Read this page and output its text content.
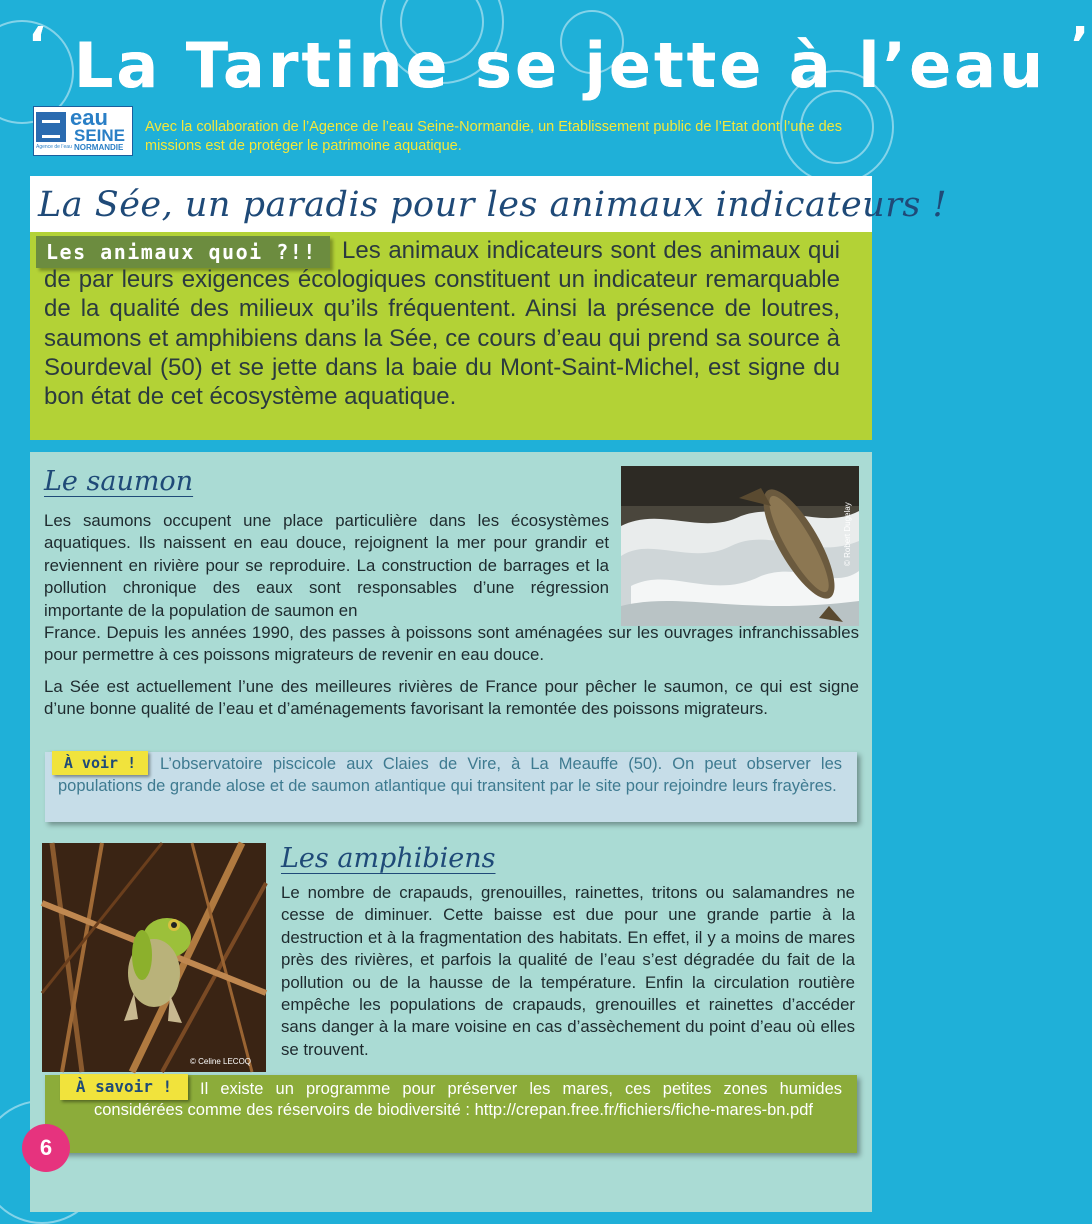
‘ La Tartine se jette à l’eau ’
eau
SEINE
NORMANDIE
Agence de l’eau
Avec la collaboration de l’Agence de l’eau Seine-Normandie, un Etablissement public de l’Etat dont l’une des missions est de protéger le patrimoine aquatique.
La Sée, un paradis pour les animaux indicateurs !
Les animaux quoi ?!!	Les animaux indicateurs sont des animaux qui de par leurs exigences écologiques constituent un indicateur remarquable de la qualité des milieux qu’ils fréquentent. Ainsi la présence de loutres, saumons et amphibiens dans la Sée, ce cours d’eau qui prend sa source à Sourdeval (50) et se jette dans la baie du Mont-Saint-Michel, est signe du bon état de cet écosystème aquatique.
Le saumon
© Robert Dugelay
Les saumons occupent une place particulière dans les écosystèmes aquatiques. Ils naissent en eau douce, rejoignent la mer pour grandir et reviennent en rivière pour se reproduire. La construction de barrages et la pollution chronique des eaux sont responsables d’une régression importante de la population de saumon en
France. Depuis les années 1990, des passes à poissons sont aménagées sur les ouvrages infranchissables pour permettre à ces poissons migrateurs de revenir en eau douce.
La Sée est actuellement l’une des meilleures rivières de France pour pêcher le saumon, ce qui est signe d’une bonne qualité de l’eau et d’aménagements favorisant la remontée des poissons migrateurs.
L’observatoire piscicole aux Claies de Vire, à La Meauffe (50). On peut observer les populations de grande alose et de saumon atlantique qui transitent par le site pour rejoindre leurs frayères.
À voir !
© Celine LECOQ
Les amphibiens
Le nombre de crapauds, grenouilles, rainettes, tritons ou salamandres ne cesse de diminuer. Cette baisse est due pour une grande partie à la destruction et à la fragmentation des habitats. En effet, il y a moins de mares près des rivières, et parfois la qualité de l’eau s’est dégradée du fait de la pollution ou de la hausse de la température. Enfin la circulation routière empêche les populations de crapauds, grenouilles et rainettes d’accéder sans danger à la mare voisine en cas d’assèchement du point d’eau où elles se trouvent.
Il existe un programme pour préserver les mares, ces petites zones humides considérées comme des réservoirs de biodiversité : http://crepan.free.fr/fichiers/fiche-mares-bn.pdf
À savoir !
6
